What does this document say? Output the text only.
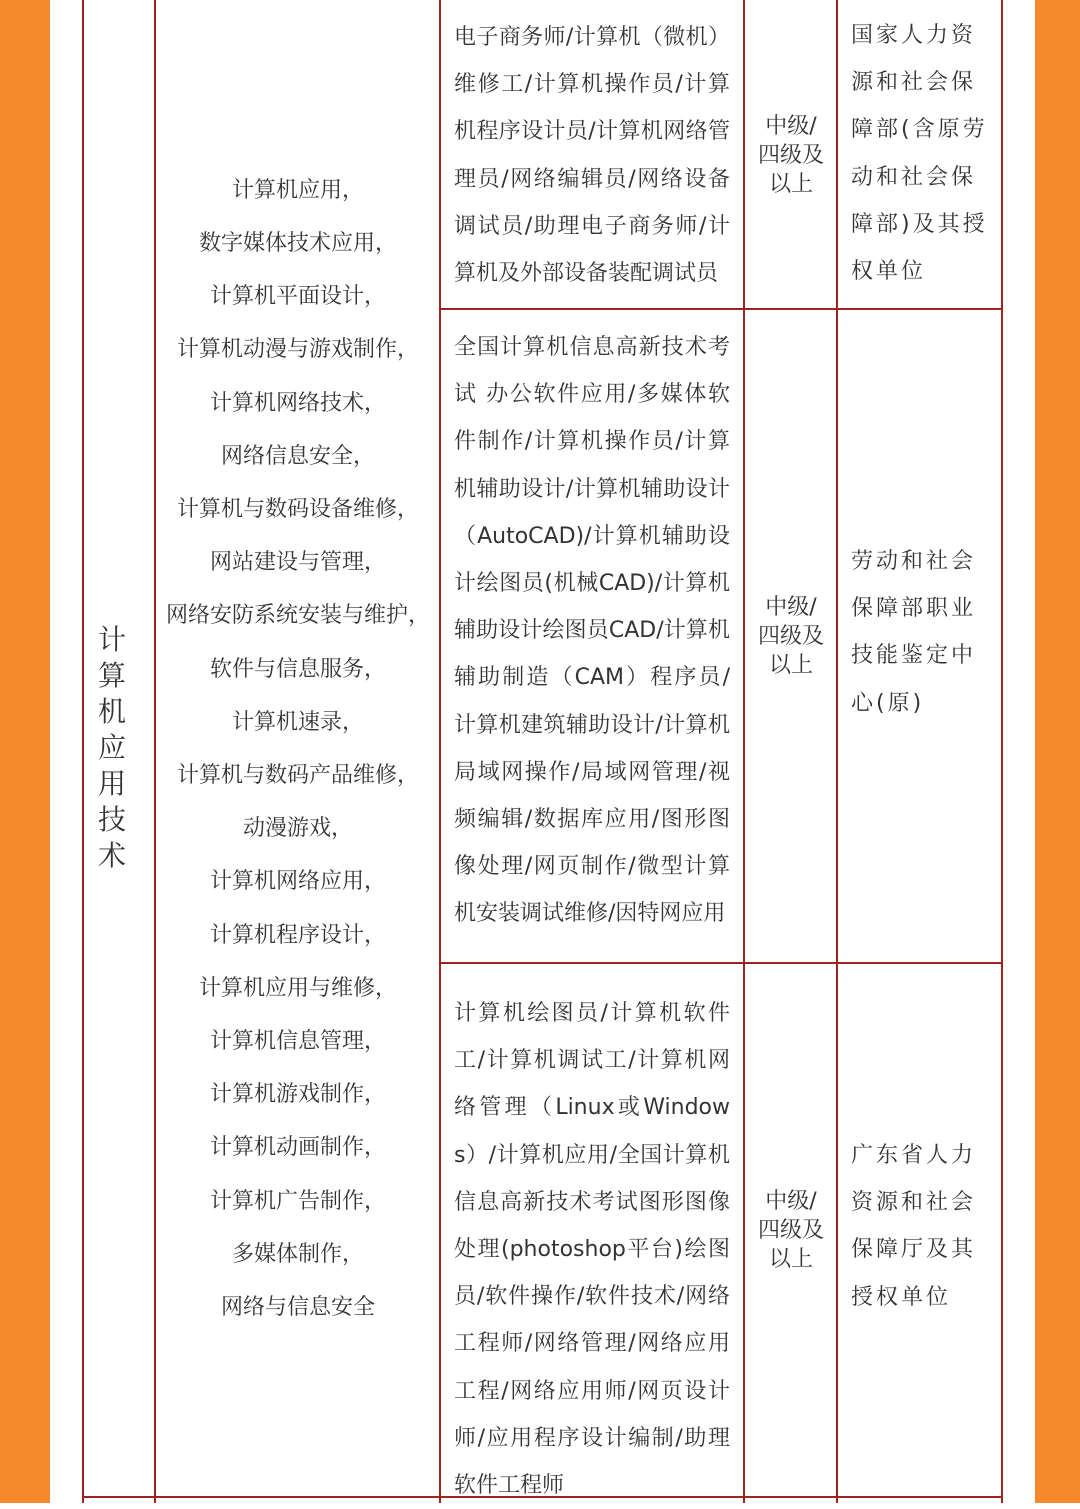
计算机应用技术
计算机应用，
数字媒体技术应用，
计算机平面设计，
计算机动漫与游戏制作，
计算机网络技术，
网络信息安全，
计算机与数码设备维修，
网站建设与管理，
网络安防系统安装与维护，
软件与信息服务，
计算机速录，
计算机与数码产品维修，
动漫游戏，
计算机网络应用，
计算机程序设计，
计算机应用与维修，
计算机信息管理，
计算机游戏制作，
计算机动画制作，
计算机广告制作，
多媒体制作，
网络与信息安全
电子商务师/计算机（微机）维修工/计算机操作员/计算机程序设计员/计算机网络管理员/网络编辑员/网络设备调试员/助理电子商务师/计算机及外部设备装配调试员
中级/四级及以上
国家人力资源和社会保障部(含原劳动和社会保障部)及其授权单位
全国计算机信息高新技术考试 办公软件应用/多媒体软件制作/计算机操作员/计算机辅助设计/计算机辅助设计（AutoCAD)/计算机辅助设计绘图员(机械CAD)/计算机辅助设计绘图员CAD/计算机辅助制造（CAM）程序员/计算机建筑辅助设计/计算机局域网操作/局域网管理/视频编辑/数据库应用/图形图像处理/网页制作/微型计算机安装调试维修/因特网应用
中级/四级及以上
劳动和社会保障部职业技能鉴定中心(原)
计算机绘图员/计算机软件工/计算机调试工/计算机网络管理（Linux或Windows）/计算机应用/全国计算机信息高新技术考试图形图像处理(photoshop平台)绘图员/软件操作/软件技术/网络工程师/网络管理/网络应用工程/网络应用师/网页设计师/应用程序设计编制/助理软件工程师
中级/四级及以上
广东省人力资源和社会保障厅及其授权单位
